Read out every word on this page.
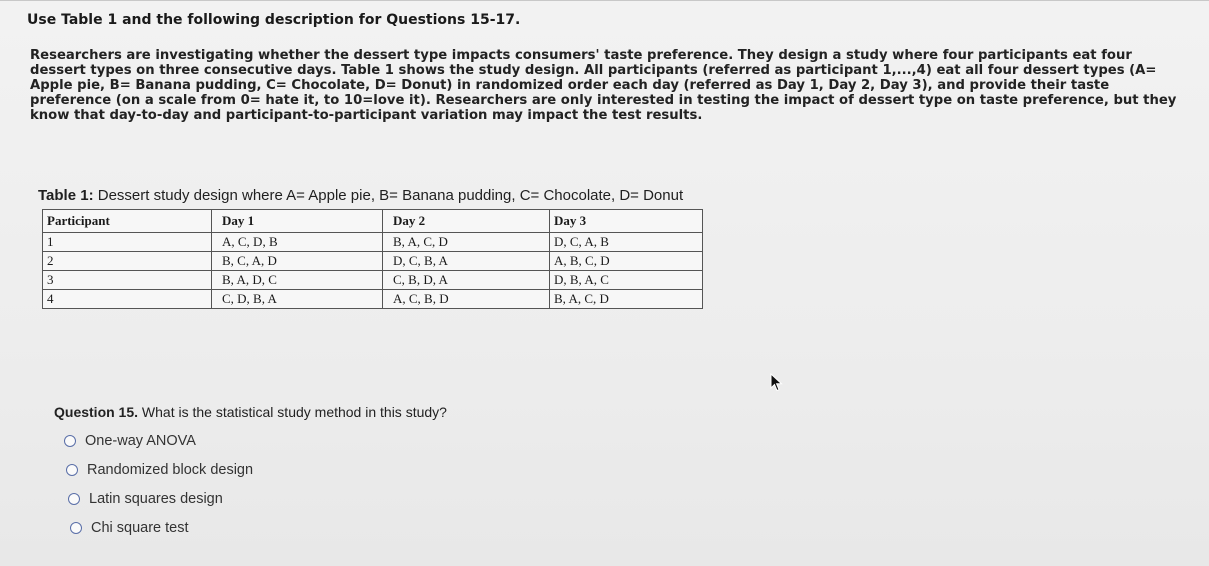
Use Table 1 and the following description for Questions 15-17.
Researchers are investigating whether the dessert type impacts consumers' taste preference. They design a study where four participants eat four dessert types on three consecutive days. Table 1 shows the study design. All participants (referred as participant 1,...,4) eat all four dessert types (A= Apple pie, B= Banana pudding, C= Chocolate, D= Donut) in randomized order each day (referred as Day 1, Day 2, Day 3), and provide their taste preference (on a scale from 0= hate it, to 10=love it). Researchers are only interested in testing the impact of dessert type on taste preference, but they know that day-to-day and participant-to-participant variation may impact the test results.
Table 1: Dessert study design where A= Apple pie, B= Banana pudding, C= Chocolate, D= Donut
Participant	Day 1	Day 2	Day 3
1	A, C, D, B	B, A, C, D	D, C, A, B
2	B, C, A, D	D, C, B, A	A, B, C, D
3	B, A, D, C	C, B, D, A	D, B, A, C
4	C, D, B, A	A, C, B, D	B, A, C, D
Question 15. What is the statistical study method in this study?
One-way ANOVA
Randomized block design
Latin squares design
Chi square test
